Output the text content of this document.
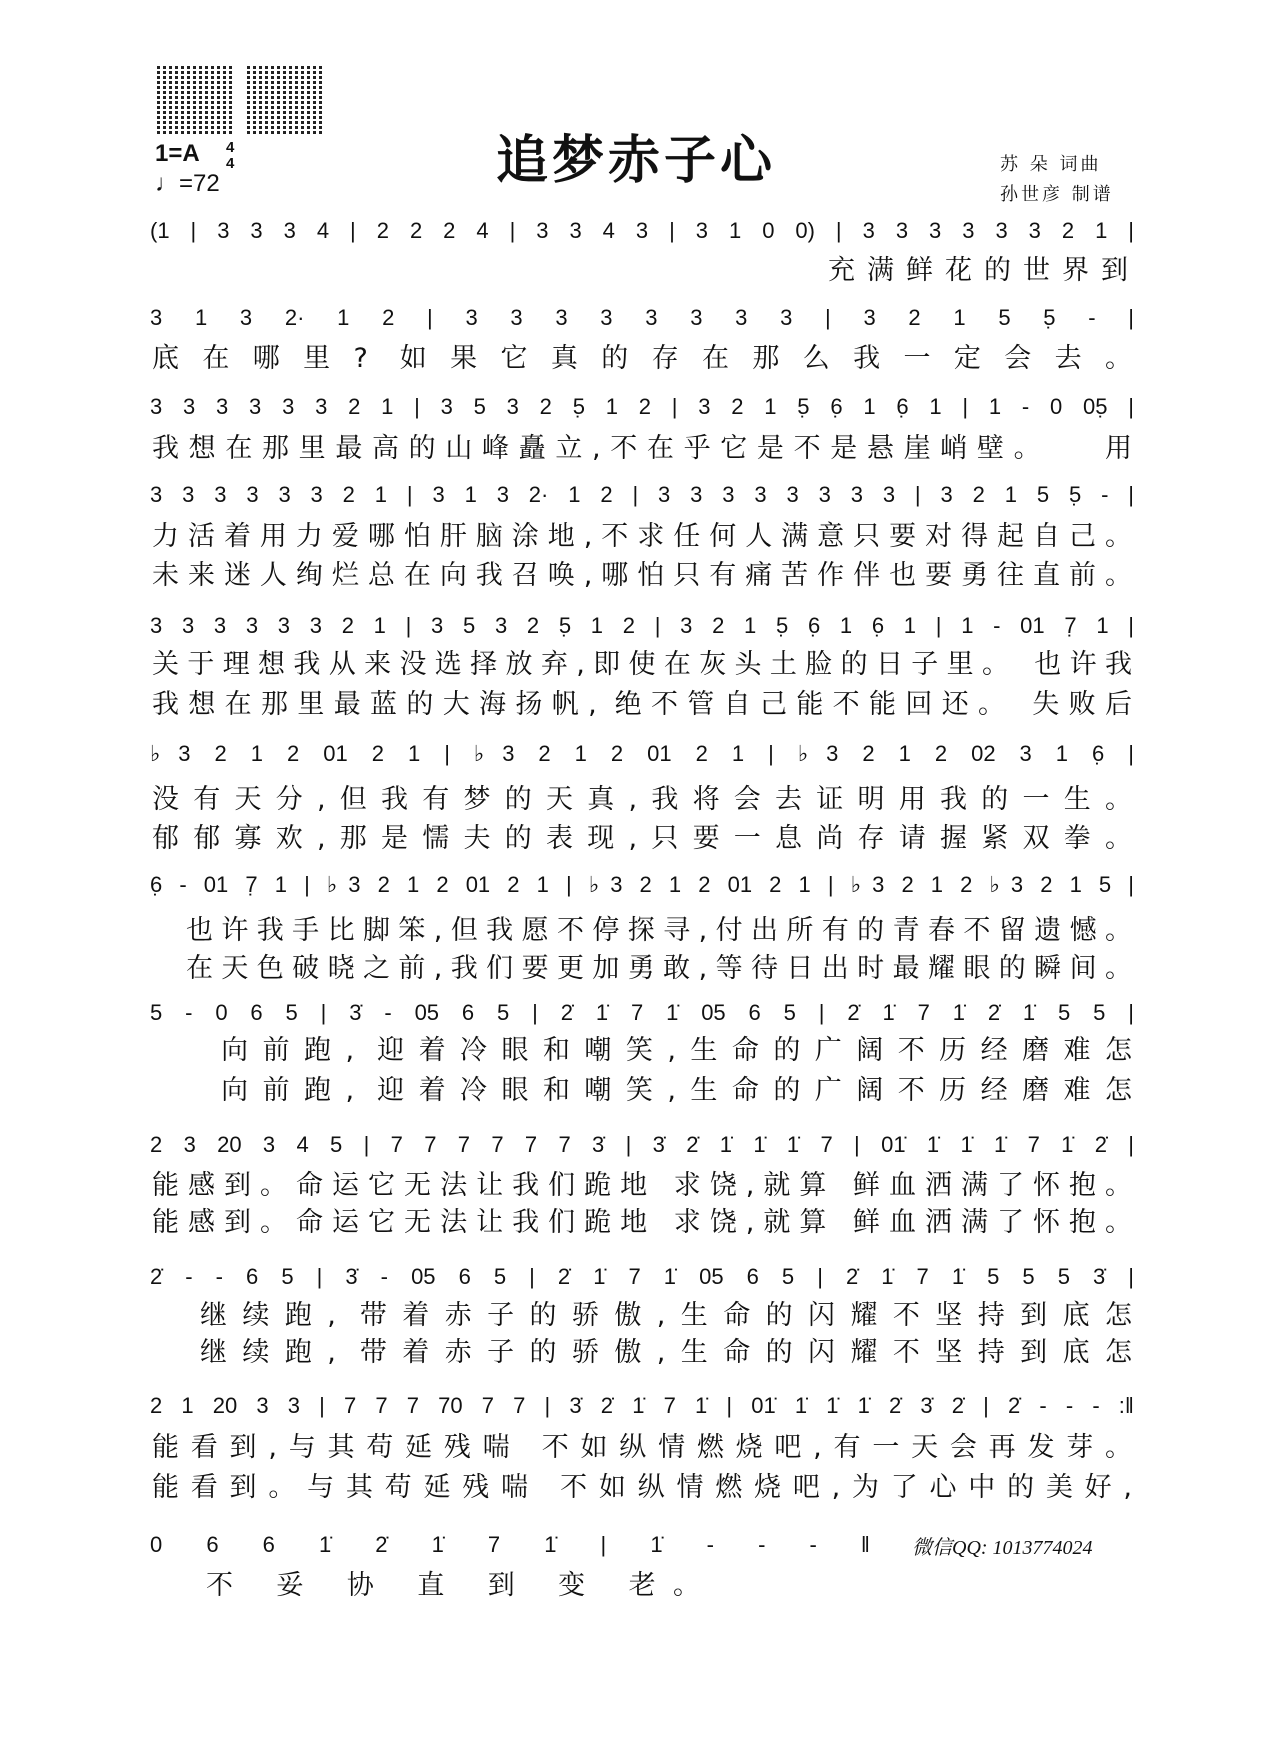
追梦赤子心
1=A 4
4
♩=72
苏 朵 词曲
孙世彦 制谱
(1 | 3 3 3 4 | 2 2 2 4 | 3 3 4 3 | 3 1 0 0) | 3 3 3 3 3 3 2 1 |
充满鲜花的世界到
3 1 3 2· 1 2 | 3 3 3 3 3 3 3 3 | 3 2 1 5 5̣ - |
底在哪里? 如果它真的存在那么我一定会去。
3 3 3 3 3 3 2 1 | 3 5 3 2 5̣ 1 2 | 3 2 1 5̣ 6̣ 1 6̣ 1 | 1 - 0 05̣ |
我想在那里最高的山峰矗立,不在乎它是不是悬崖峭壁。   用
3 3 3 3 3 3 2 1 | 3 1 3 2· 1 2 | 3 3 3 3 3 3 3 3 | 3 2 1 5 5̣ - |
力活着用力爱哪怕肝脑涂地,不求任何人满意只要对得起自己。
未来迷人绚烂总在向我召唤,哪怕只有痛苦作伴也要勇往直前。
3 3 3 3 3 3 2 1 | 3 5 3 2 5̣ 1 2 | 3 2 1 5̣ 6̣ 1 6̣ 1 | 1 - 01 7̣ 1 |
关于理想我从来没选择放弃,即使在灰头土脸的日子里。 也许我
我想在那里最蓝的大海扬帆, 绝不管自己能不能回还。 失败后
♭3 2 1 2 01 2 1 | ♭3 2 1 2 01 2 1 | ♭3 2 1 2 02 3 1 6̣ |
没有天分,但我有梦的天真,我将会去证明用我的一生。
郁郁寡欢,那是懦夫的表现,只要一息尚存请握紧双拳。
6̣ - 01 7̣ 1 | ♭3 2 1 2 01 2 1 | ♭3 2 1 2 01 2 1 | ♭3 2 1 2 ♭3 2 1 5 |
也许我手比脚笨,但我愿不停探寻,付出所有的青春不留遗憾。
在天色破晓之前,我们要更加勇敢,等待日出时最耀眼的瞬间。
5 - 0 6 5 | 3̇ - 05 6 5 | 2̇ 1̇ 7 1̇ 05 6 5 | 2̇ 1̇ 7 1̇ 2̇ 1̇ 5 5 |
向前跑, 迎着冷眼和嘲笑,生命的广阔不历经磨难怎
向前跑, 迎着冷眼和嘲笑,生命的广阔不历经磨难怎
2 3 20 3 4 5 | 7 7 7 7 7 7 3̇ | 3̇ 2̇ 1̇ 1̇ 1̇ 7 | 01̇ 1̇ 1̇ 1̇ 7 1̇ 2̇ |
能感到。命运它无法让我们跪地 求饶,就算 鲜血洒满了怀抱。
能感到。命运它无法让我们跪地 求饶,就算 鲜血洒满了怀抱。
2̇ - - 6 5 | 3̇ - 05 6 5 | 2̇ 1̇ 7 1̇ 05 6 5 | 2̇ 1̇ 7 1̇ 5 5 5 3̇ |
继续跑, 带着赤子的骄傲,生命的闪耀不坚持到底怎
继续跑, 带着赤子的骄傲,生命的闪耀不坚持到底怎
2 1 20 3 3 | 7 7 7 70 7 7 | 3̇ 2̇ 1̇ 7 1̇ | 01̇ 1̇ 1̇ 1̇ 2̇ 3̇ 2̇ | 2̇ - - - :‖
能看到,与其苟延残喘 不如纵情燃烧吧,有一天会再发芽。
能看到。与其苟延残喘 不如纵情燃烧吧,为了心中的美好,
0 6 6 1̇ 2̇ 1̇ 7 1̇ | 1̇ - - - ‖
不 妥 协 直 到 变 老。
微信QQ: 1013774024
